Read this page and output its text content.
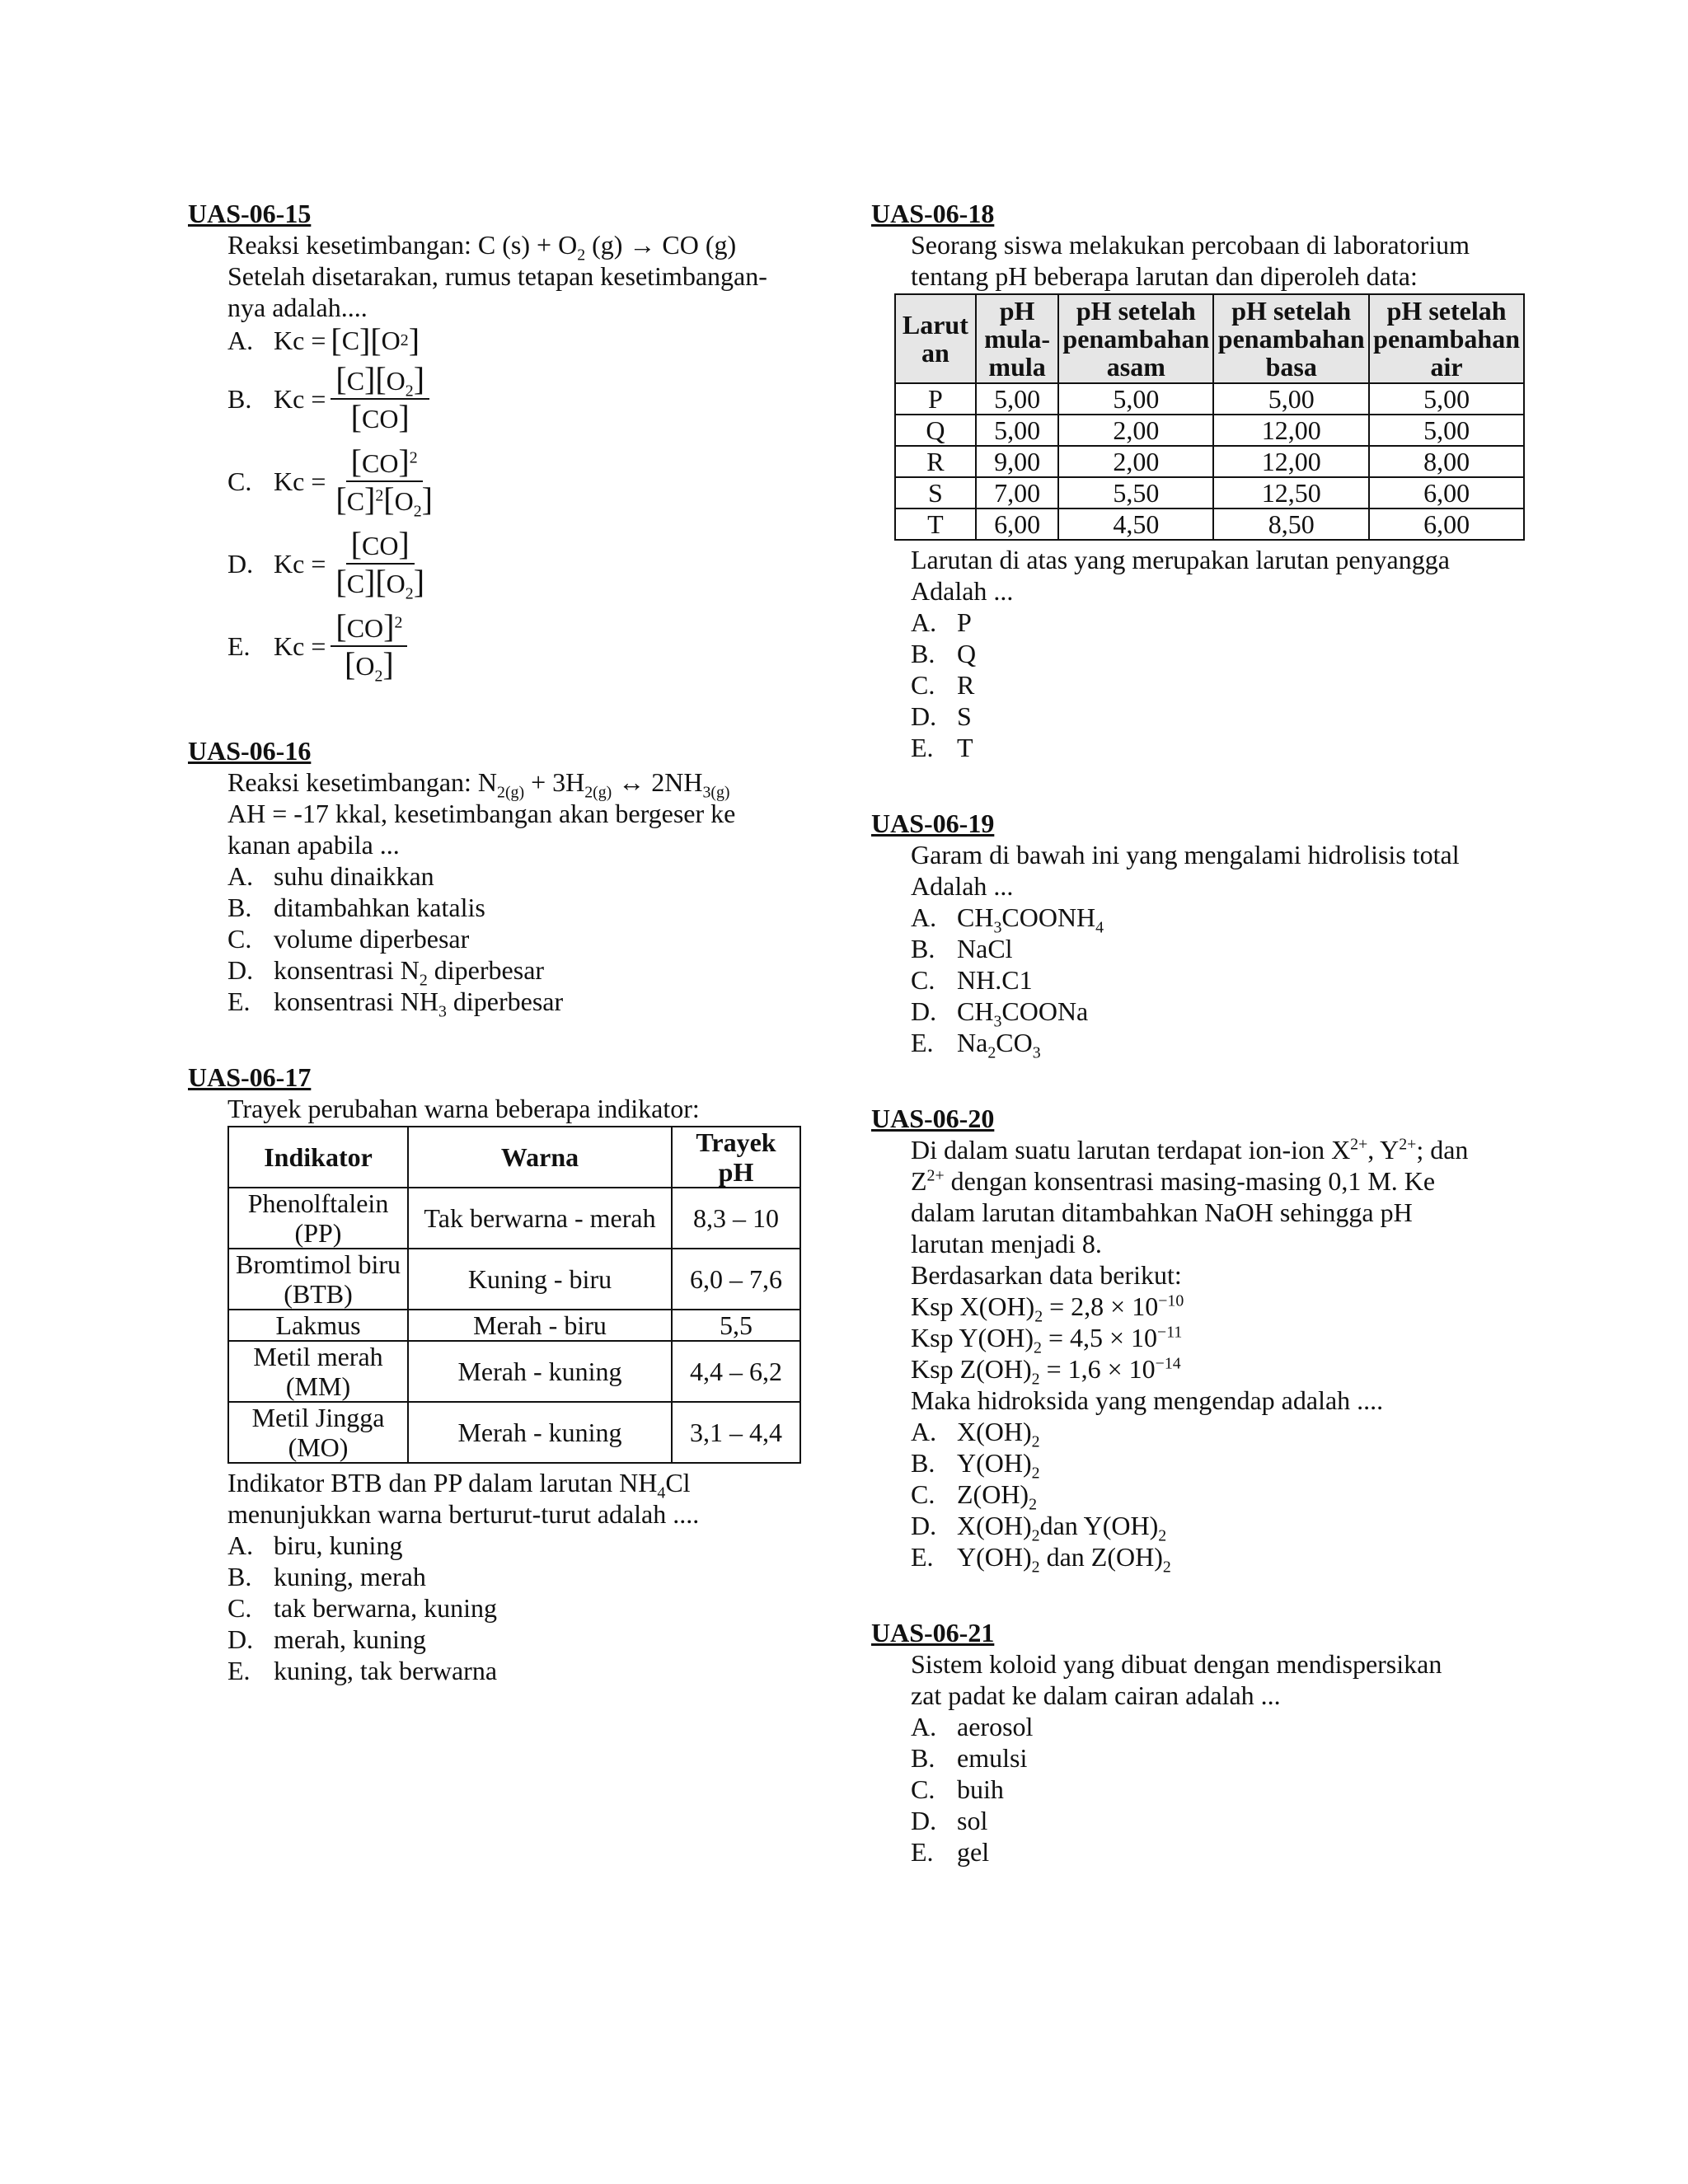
UAS-06-15

Reaksi kesetimbangan: C $(s) + O_2$ (g) → CO (g)

Setelah disetarakan, rumus tetapan kesetimbangan-

nya adalah....

A. Kc = [ C ][ O 2 ]
B. $Kc = \frac{[C][O_2]}{[CO]}$
C. $Kc = \frac{[CO]^2}{[C]^2[O_2]}$
D. $Kc = \frac{[CO]}{[C][O_2]}$
E. $Kc = \frac{[CO]^2}{[O_2]}$

UAS-06-16

Reaksi kesetimbangan: $N_{2(g)} + 3H_{2(g)}$ ↔ $2NH_{3(g)}$

AH = -17 kkal, kesetimbangan akan bergeser ke

kanan apabila ...

A. suhu dinaikkan

B. ditambahkan katalis

C. volume diperbesar

D. konsentrasi $N_2$ diperbesar

E. konsentrasi $NH_3$ diperbesar

UAS-06-17

Trayek perubahan warna beberapa indikator:

Indikator	Warna	Trayek pH
Phenolftalein (PP)	Tak berwarna - merah	8,3 – 10
Bromtimol biru (BTB)	Kuning - biru	6,0 – 7,6
Lakmus	Merah - biru	5,5
Metil merah (MM)	Merah - kuning	4,4 – 6,2
Metil Jingga (MO)	Merah - kuning	3,1 – 4,4

Indikator BTB dan PP dalam larutan $NH_4Cl$

menunjukkan warna berturut-turut adalah ....

A. biru, kuning

B. kuning, merah

C. tak berwarna, kuning

D. merah, kuning

E. kuning, tak berwarna

UAS-06-18

Seorang siswa melakukan percobaan di laboratorium

tentang pH beberapa larutan dan diperoleh data:

Larut an	pH mula- mula	pH setelah penambahan asam	pH setelah penambahan basa	pH setelah penambahan air
P	5,00	5,00	5,00	5,00
Q	5,00	2,00	12,00	5,00
R	9,00	2,00	12,00	8,00
S	7,00	5,50	12,50	6,00
T	6,00	4,50	8,50	6,00

Larutan di atas yang merupakan larutan penyangga

Adalah ...

A. P

B. Q

C. R

D. S

E. T

UAS-06-19

Garam di bawah ini yang mengalami hidrolisis total

Adalah ...

A. $CH_3COONH_4$

B. NaCl

C. NH.C1

D. $CH_3COONa$

E. $Na_2CO_3$

UAS-06-20

Di dalam suatu larutan terdapat ion-ion $X^{2+}$, $Y^{2+}$; dan

$Z^{2+}$ dengan konsentrasi masing-masing 0,1 M. Ke

dalam larutan ditambahkan NaOH sehingga pH

larutan menjadi 8.

Berdasarkan data berikut:

Ksp $X(OH)_2 = 2,8 \times 10^{-10}$

Ksp $Y(OH)_2 = 4,5 \times 10^{-11}$

Ksp $Z(OH)_2 = 1,6 \times 10^{-14}$

Maka hidroksida yang mengendap adalah ....

A. $X(OH)_2$

B. $Y(OH)_2$

C. $Z(OH)_2$

D. $X(OH)_2dan$ $Y(OH)_2$

E. $Y(OH)_2$ dan $Z(OH)_2$

UAS-06-21

Sistem koloid yang dibuat dengan mendispersikan

zat padat ke dalam cairan adalah ...

A. aerosol

B. emulsi

C. buih

D. sol

E. gel
